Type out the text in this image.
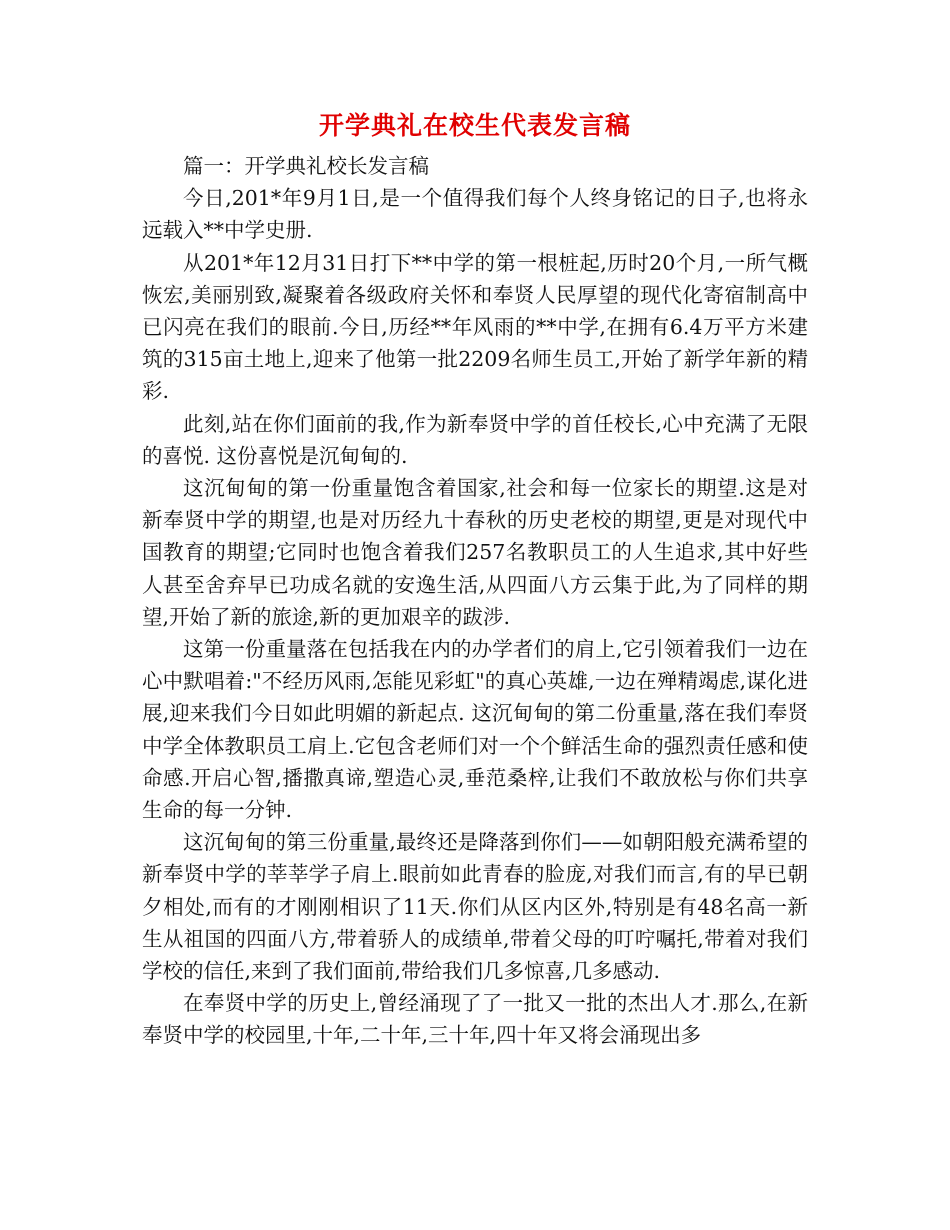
开学典礼在校生代表发言稿

篇一：开学典礼校长发言稿

今日,201*年9月1日,是一个值得我们每个人终身铭记的日子,也将永远载入**中学史册.

从201*年12月31日打下**中学的第一根桩起,历时20个月,一所气概恢宏,美丽别致,凝聚着各级政府关怀和奉贤人民厚望的现代化寄宿制高中已闪亮在我们的眼前.今日,历经**年风雨的**中学,在拥有6.4万平方米建筑的315亩土地上,迎来了他第一批2209名师生员工,开始了新学年新的精彩.

此刻,站在你们面前的我,作为新奉贤中学的首任校长,心中充满了无限的喜悦. 这份喜悦是沉甸甸的.

这沉甸甸的第一份重量饱含着国家,社会和每一位家长的期望.这是对新奉贤中学的期望,也是对历经九十春秋的历史老校的期望,更是对现代中国教育的期望;它同时也饱含着我们257名教职员工的人生追求,其中好些人甚至舍弃早已功成名就的安逸生活,从四面八方云集于此,为了同样的期望,开始了新的旅途,新的更加艰辛的跋涉.

这第一份重量落在包括我在内的办学者们的肩上,它引领着我们一边在心中默唱着:"不经历风雨,怎能见彩虹"的真心英雄,一边在殚精竭虑,谋化进展,迎来我们今日如此明媚的新起点. 这沉甸甸的第二份重量,落在我们奉贤中学全体教职员工肩上.它包含老师们对一个个鲜活生命的强烈责任感和使命感.开启心智,播撒真谛,塑造心灵,垂范桑梓,让我们不敢放松与你们共享生命的每一分钟.

这沉甸甸的第三份重量,最终还是降落到你们——如朝阳般充满希望的新奉贤中学的莘莘学子肩上.眼前如此青春的脸庞,对我们而言,有的早已朝夕相处,而有的才刚刚相识了11天.你们从区内区外,特别是有48名高一新生从祖国的四面八方,带着骄人的成绩单,带着父母的叮咛嘱托,带着对我们学校的信任,来到了我们面前,带给我们几多惊喜,几多感动.

在奉贤中学的历史上,曾经涌现了了一批又一批的杰出人才.那么,在新奉贤中学的校园里,十年,二十年,三十年,四十年又将会涌现出多
